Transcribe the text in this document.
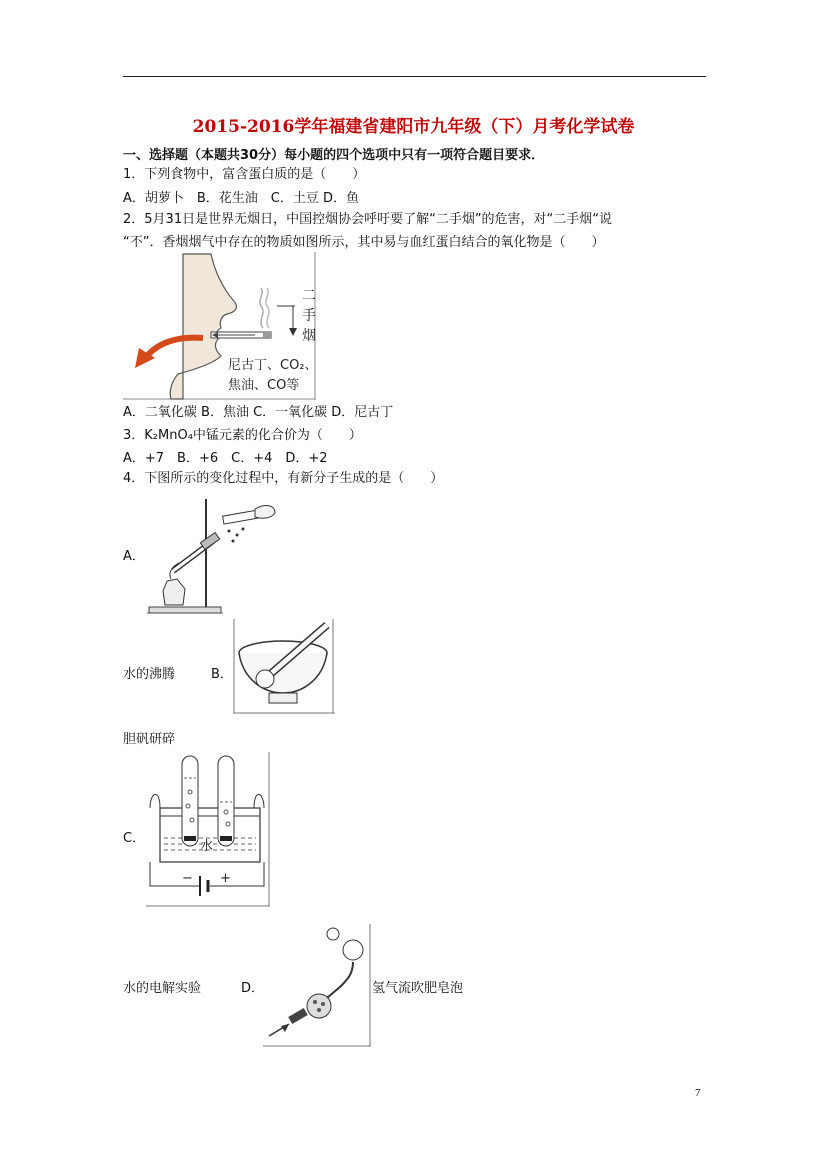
2015-2016学年福建省建阳市九年级（下）月考化学试卷
一、选择题（本题共30分）每小题的四个选项中只有一项符合题目要求．
1．下列食物中，富含蛋白质的是（　　）
A．胡萝卜　B．花生油　C．土豆 D．鱼
2．5月31日是世界无烟日，中国控烟协会呼吁要了解“二手烟”的危害，对“二手烟“说
“不”．香烟烟气中存在的物质如图所示，其中易与血红蛋白结合的氧化物是（　　）
二
手
烟
尼古丁、CO₂、
焦油、CO等
A．二氧化碳 B．焦油 C．一氧化碳 D．尼古丁
3．K₂MnO₄中锰元素的化合价为（　　）
A．+7　B．+6　C．+4　D．+2
4．下图所示的变化过程中，有新分子生成的是（　　）
A．
水的沸腾	B．
胆矾研碎
C．
水
− +
水的电解实验	D．	氢气流吹肥皂泡
7
